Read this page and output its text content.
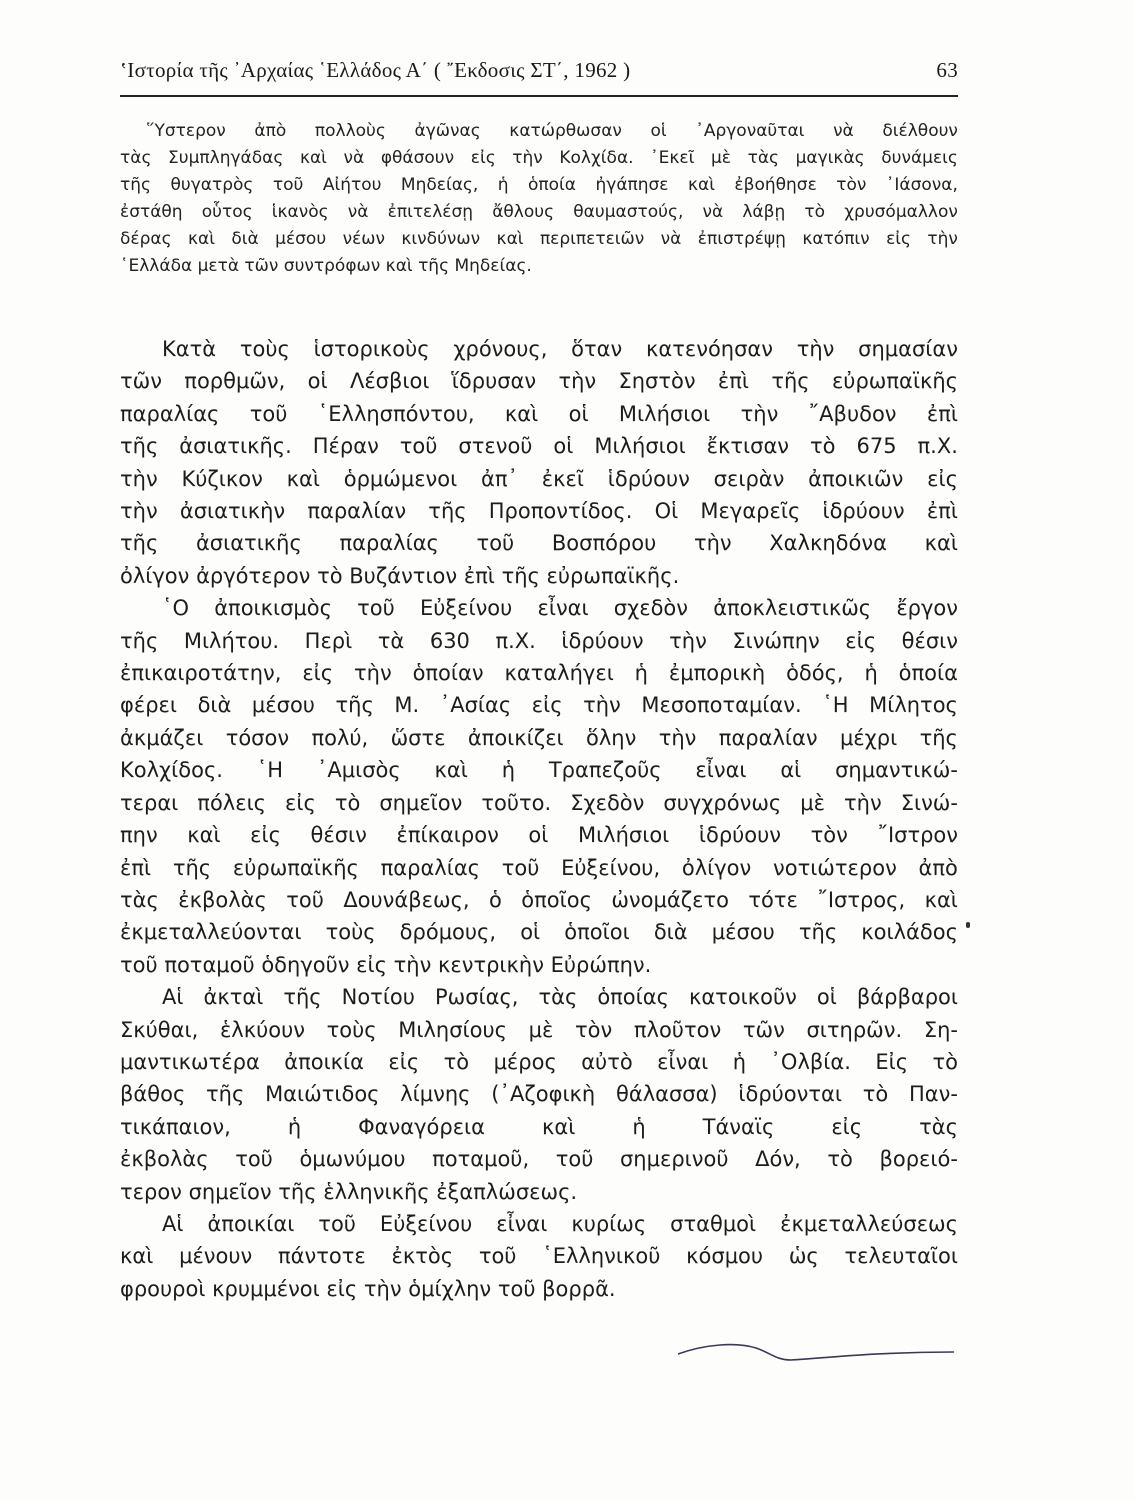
ʽΙστορία τῆς ᾿Αρχαίας ῾Ελλάδος Α΄ ( ῎Εκδοσις ΣΤ΄, 1962 )	63
῞Υστερον ἀπὸ πολλοὺς ἀγῶνας κατώρθωσαν οἱ ᾿Αργοναῦται νὰ διέλθουν
τὰς Συμπληγάδας καὶ νὰ φθάσουν εἰς τὴν Κολχίδα. ᾿Εκεῖ μὲ τὰς μαγικὰς δυνάμεις
τῆς θυγατρὸς τοῦ Αἰήτου Μηδείας, ἡ ὁποία ἠγάπησε καὶ ἐβοήθησε τὸν ᾿Ιάσονα,
ἐστάθη οὗτος ἱκανὸς νὰ ἐπιτελέσῃ ἄθλους θαυμαστούς, νὰ λάβῃ τὸ χρυσόμαλλον
δέρας καὶ διὰ μέσου νέων κινδύνων καὶ περιπετειῶν νὰ ἐπιστρέψῃ κατόπιν εἰς τὴν
῾Ελλάδα μετὰ τῶν συντρόφων καὶ τῆς Μηδείας.
Κατὰ τοὺς ἱστορικοὺς χρόνους, ὅταν κατενόησαν τὴν σημασίαν
τῶν πορθμῶν, οἱ Λέσβιοι ἵδρυσαν τὴν Σηστὸν ἐπὶ τῆς εὐρωπαϊκῆς
παραλίας τοῦ ῾Ελλησπόντου, καὶ οἱ Μιλήσιοι τὴν ῎Αβυδον ἐπὶ
τῆς ἀσιατικῆς. Πέραν τοῦ στενοῦ οἱ Μιλήσιοι ἔκτισαν τὸ 675 π.Χ.
τὴν Κύζικον καὶ ὁρμώμενοι ἀπ᾿ ἐκεῖ ἱδρύουν σειρὰν ἀποικιῶν εἰς
τὴν ἀσιατικὴν παραλίαν τῆς Προποντίδος. Οἱ Μεγαρεῖς ἱδρύουν ἐπὶ
τῆς ἀσιατικῆς παραλίας τοῦ Βοσπόρου τὴν Χαλκηδόνα καὶ
ὀλίγον ἀργότερον τὸ Βυζάντιον ἐπὶ τῆς εὐρωπαϊκῆς.
῾Ο ἀποικισμὸς τοῦ Εὐξείνου εἶναι σχεδὸν ἀποκλειστικῶς ἔργον
τῆς Μιλήτου. Περὶ τὰ 630 π.Χ. ἱδρύουν τὴν Σινώπην εἰς θέσιν
ἐπικαιροτάτην, εἰς τὴν ὁποίαν καταλήγει ἡ ἐμπορικὴ ὁδός, ἡ ὁποία
φέρει διὰ μέσου τῆς Μ. ᾿Ασίας εἰς τὴν Μεσοποταμίαν. ῾Η Μίλητος
ἀκμάζει τόσον πολύ, ὥστε ἀποικίζει ὅλην τὴν παραλίαν μέχρι τῆς
Κολχίδος. ῾Η ᾿Αμισὸς καὶ ἡ Τραπεζοῦς εἶναι αἱ σημαντικώ-
τεραι πόλεις εἰς τὸ σημεῖον τοῦτο. Σχεδὸν συγχρόνως μὲ τὴν Σινώ-
πην καὶ εἰς θέσιν ἐπίκαιρον οἱ Μιλήσιοι ἱδρύουν τὸν ῎Ιστρον
ἐπὶ τῆς εὐρωπαϊκῆς παραλίας τοῦ Εὐξείνου, ὀλίγον νοτιώτερον ἀπὸ
τὰς ἐκβολὰς τοῦ Δουνάβεως, ὁ ὁποῖος ὠνομάζετο τότε ῎Ιστρος, καὶ
ἐκμεταλλεύονται τοὺς δρόμους, οἱ ὁποῖοι διὰ μέσου τῆς κοιλάδος
τοῦ ποταμοῦ ὁδηγοῦν εἰς τὴν κεντρικὴν Εὐρώπην.
Αἱ ἀκταὶ τῆς Νοτίου Ρωσίας, τὰς ὁποίας κατοικοῦν οἱ βάρβαροι
Σκύθαι, ἑλκύουν τοὺς Μιλησίους μὲ τὸν πλοῦτον τῶν σιτηρῶν. Ση-
μαντικωτέρα ἀποικία εἰς τὸ μέρος αὐτὸ εἶναι ἡ ᾿Ολβία. Εἰς τὸ
βάθος τῆς Μαιώτιδος λίμνης (᾿Αζοφικὴ θάλασσα) ἱδρύονται τὸ Παν-
τικάπαιον,	ἡ	Φαναγόρεια	καὶ	ἡ	Τάναϊς	εἰς	τὰς
ἐκβολὰς τοῦ ὁμωνύμου ποταμοῦ, τοῦ σημερινοῦ Δόν, τὸ βορειό-
τερον σημεῖον τῆς ἑλληνικῆς ἐξαπλώσεως.
Αἱ ἀποικίαι τοῦ Εὐξείνου εἶναι κυρίως σταθμοὶ ἐκμεταλλεύσεως
καὶ μένουν πάντοτε ἐκτὸς τοῦ ῾Ελληνικοῦ κόσμου ὡς τελευταῖοι
φρουροὶ κρυμμένοι εἰς τὴν ὁμίχλην τοῦ βορρᾶ.
